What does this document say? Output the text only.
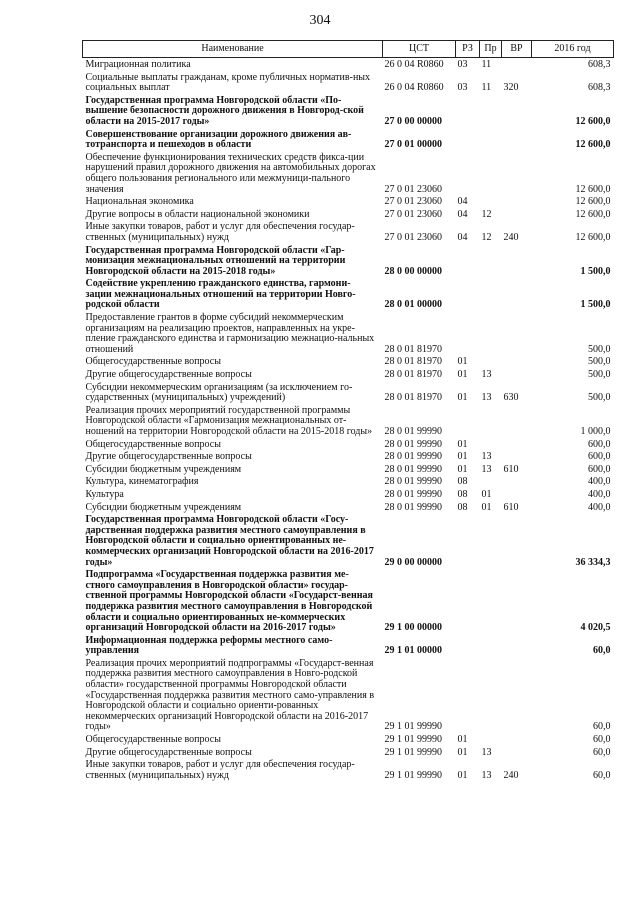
304
Наименование	ЦСТ	РЗ	Пр	ВР	2016 год
Миграционная политика	26 0 04 R0860	03	11		608,3
Социальные выплаты гражданам, кроме публичных норматив-ных социальных выплат	26 0 04 R0860	03	11	320	608,3
Государственная программа Новгородской области «По-вышение безопасности дорожного движения в Новгород-ской области на 2015-2017 годы»	27 0 00 00000				12 600,0
Совершенствование организации дорожного движения ав-тотранспорта и пешеходов в области	27 0 01 00000				12 600,0
Обеспечение функционирования технических средств фикса-ции нарушений правил дорожного движения на автомобильных дорогах общего пользования регионального или межмуници-пального значения	27 0 01 23060				12 600,0
Национальная экономика	27 0 01 23060	04			12 600,0
Другие вопросы в области национальной экономики	27 0 01 23060	04	12		12 600,0
Иные закупки товаров, работ и услуг для обеспечения государ-ственных (муниципальных) нужд	27 0 01 23060	04	12	240	12 600,0
Государственная программа Новгородской области «Гар-монизация межнациональных отношений на территории Новгородской области на 2015-2018 годы»	28 0 00 00000				1 500,0
Содействие укреплению гражданского единства, гармони-зации межнациональных отношений на территории Новго-родской области	28 0 01 00000				1 500,0
Предоставление грантов в форме субсидий некоммерческим организациям на реализацию проектов, направленных на укре-пление гражданского единства и гармонизацию межнацио-нальных отношений	28 0 01 81970				500,0
Общегосударственные вопросы	28 0 01 81970	01			500,0
Другие общегосударственные вопросы	28 0 01 81970	01	13		500,0
Субсидии некоммерческим организациям (за исключением го-сударственных (муниципальных) учреждений)	28 0 01 81970	01	13	630	500,0
Реализация прочих мероприятий государственной программы Новгородской области «Гармонизация межнациональных от-ношений на территории Новгородской области на 2015-2018 годы»	28 0 01 99990				1 000,0
Общегосударственные вопросы	28 0 01 99990	01			600,0
Другие общегосударственные вопросы	28 0 01 99990	01	13		600,0
Субсидии бюджетным учреждениям	28 0 01 99990	01	13	610	600,0
Культура, кинематография	28 0 01 99990	08			400,0
Культура	28 0 01 99990	08	01		400,0
Субсидии бюджетным учреждениям	28 0 01 99990	08	01	610	400,0
Государственная программа Новгородской области «Госу-дарственная поддержка развития местного самоуправления в Новгородской области и социально ориентированных не-коммерческих организаций Новгородской области на 2016-2017 годы»	29 0 00 00000				36 334,3
Подпрограмма «Государственная поддержка развития ме-стного самоуправления в Новгородской области» государ-ственной программы Новгородской области «Государст-венная поддержка развития местного самоуправления в Новгородской области и социально ориентированных не-коммерческих организаций Новгородской области на 2016-2017 годы»	29 1 00 00000				4 020,5
Информационная поддержка реформы местного само-управления	29 1 01 00000				60,0
Реализация прочих мероприятий подпрограммы «Государст-венная поддержка развития местного самоуправления в Новго-родской области» государственной программы Новгородской области «Государственная поддержка развития местного само-управления в Новгородской области и социально ориенти-рованных некоммерческих организаций Новгородской области на 2016-2017 годы»	29 1 01 99990				60,0
Общегосударственные вопросы	29 1 01 99990	01			60,0
Другие общегосударственные вопросы	29 1 01 99990	01	13		60,0
Иные закупки товаров, работ и услуг для обеспечения государ-ственных (муниципальных) нужд	29 1 01 99990	01	13	240	60,0
